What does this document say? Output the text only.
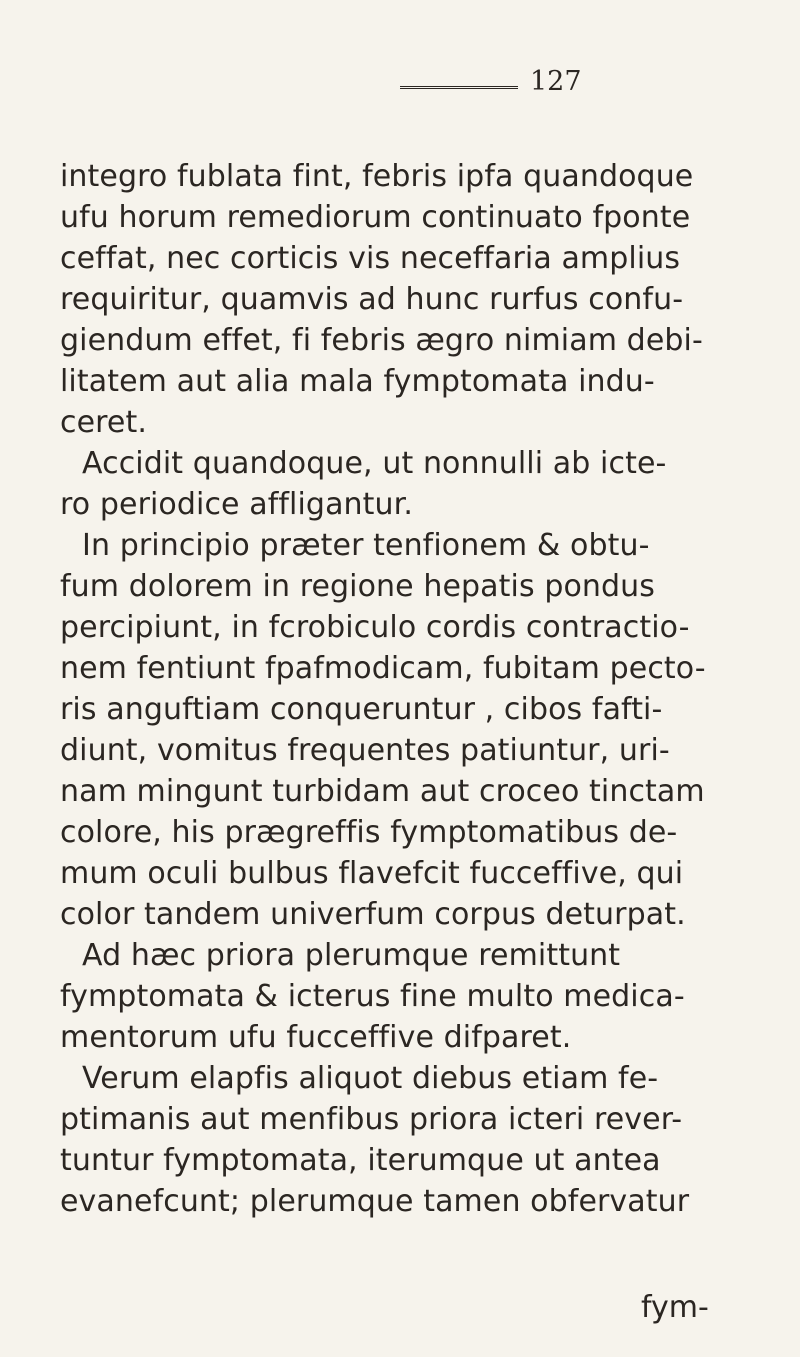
127
integro fublata fint, febris ipfa quandoque
ufu horum remediorum continuato fponte
ceffat, nec corticis vis neceffaria amplius
requiritur, quamvis ad hunc rurfus confu-
giendum effet, fi febris ægro nimiam debi-
litatem aut alia mala fymptomata indu-
ceret.
Accidit quandoque, ut nonnulli ab icte-
ro periodice affligantur.
In principio præter tenfionem & obtu-
fum dolorem in regione hepatis pondus
percipiunt, in fcrobiculo cordis contractio-
nem fentiunt fpafmodicam, fubitam pecto-
ris anguftiam conqueruntur , cibos fafti-
diunt, vomitus frequentes patiuntur, uri-
nam mingunt turbidam aut croceo tinctam
colore, his prægreffis fymptomatibus de-
mum oculi bulbus flavefcit fucceffive, qui
color tandem univerfum corpus deturpat.
Ad hæc priora plerumque remittunt
fymptomata & icterus fine multo medica-
mentorum ufu fucceffive difparet.
Verum elapfis aliquot diebus etiam fe-
ptimanis aut menfibus priora icteri rever-
tuntur fymptomata, iterumque ut antea
evanefcunt; plerumque tamen obfervatur
fym-
